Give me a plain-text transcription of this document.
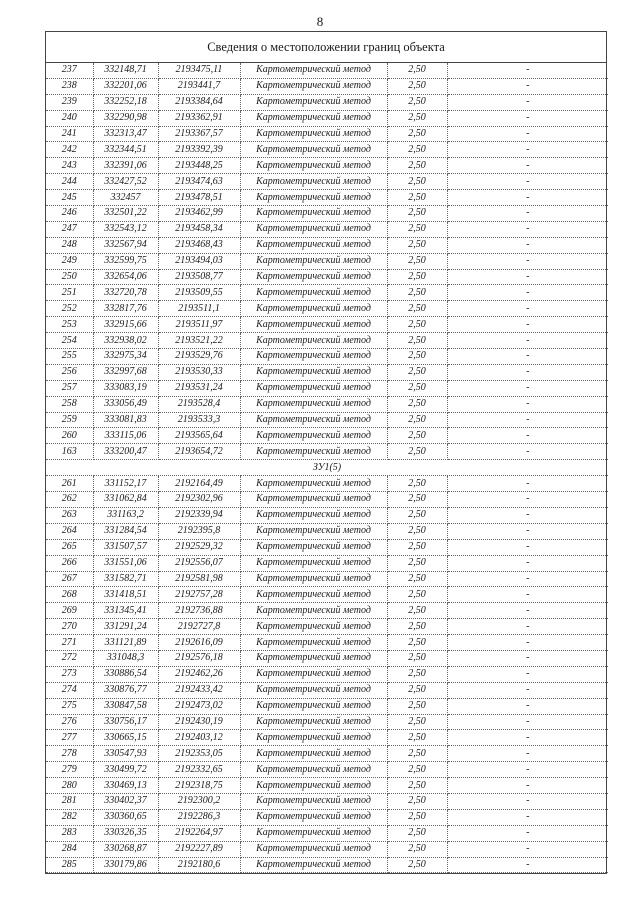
8
Сведения о местоположении границ объекта
237	332148,71	2193475,11	Картометрический метод	2,50	-
238	332201,06	2193441,7	Картометрический метод	2,50	-
239	332252,18	2193384,64	Картометрический метод	2,50	-
240	332290,98	2193362,91	Картометрический метод	2,50	-
241	332313,47	2193367,57	Картометрический метод	2,50	-
242	332344,51	2193392,39	Картометрический метод	2,50	-
243	332391,06	2193448,25	Картометрический метод	2,50	-
244	332427,52	2193474,63	Картометрический метод	2,50	-
245	332457	2193478,51	Картометрический метод	2,50	-
246	332501,22	2193462,99	Картометрический метод	2,50	-
247	332543,12	2193458,34	Картометрический метод	2,50	-
248	332567,94	2193468,43	Картометрический метод	2,50	-
249	332599,75	2193494,03	Картометрический метод	2,50	-
250	332654,06	2193508,77	Картометрический метод	2,50	-
251	332720,78	2193509,55	Картометрический метод	2,50	-
252	332817,76	2193511,1	Картометрический метод	2,50	-
253	332915,66	2193511,97	Картометрический метод	2,50	-
254	332938,02	2193521,22	Картометрический метод	2,50	-
255	332975,34	2193529,76	Картометрический метод	2,50	-
256	332997,68	2193530,33	Картометрический метод	2,50	-
257	333083,19	2193531,24	Картометрический метод	2,50	-
258	333056,49	2193528,4	Картометрический метод	2,50	-
259	333081,83	2193533,3	Картометрический метод	2,50	-
260	333115,06	2193565,64	Картометрический метод	2,50	-
163	333200,47	2193654,72	Картометрический метод	2,50	-
ЗУ1(5)					
261	331152,17	2192164,49	Картометрический метод	2,50	-
262	331062,84	2192302,96	Картометрический метод	2,50	-
263	331163,2	2192339,94	Картометрический метод	2,50	-
264	331284,54	2192395,8	Картометрический метод	2,50	-
265	331507,57	2192529,32	Картометрический метод	2,50	-
266	331551,06	2192556,07	Картометрический метод	2,50	-
267	331582,71	2192581,98	Картометрический метод	2,50	-
268	331418,51	2192757,28	Картометрический метод	2,50	-
269	331345,41	2192736,88	Картометрический метод	2,50	-
270	331291,24	2192727,8	Картометрический метод	2,50	-
271	331121,89	2192616,09	Картометрический метод	2,50	-
272	331048,3	2192576,18	Картометрический метод	2,50	-
273	330886,54	2192462,26	Картометрический метод	2,50	-
274	330876,77	2192433,42	Картометрический метод	2,50	-
275	330847,58	2192473,02	Картометрический метод	2,50	-
276	330756,17	2192430,19	Картометрический метод	2,50	-
277	330665,15	2192403,12	Картометрический метод	2,50	-
278	330547,93	2192353,05	Картометрический метод	2,50	-
279	330499,72	2192332,65	Картометрический метод	2,50	-
280	330469,13	2192318,75	Картометрический метод	2,50	-
281	330402,37	2192300,2	Картометрический метод	2,50	-
282	330360,65	2192286,3	Картометрический метод	2,50	-
283	330326,35	2192264,97	Картометрический метод	2,50	-
284	330268,87	2192227,89	Картометрический метод	2,50	-
285	330179,86	2192180,6	Картометрический метод	2,50	-
